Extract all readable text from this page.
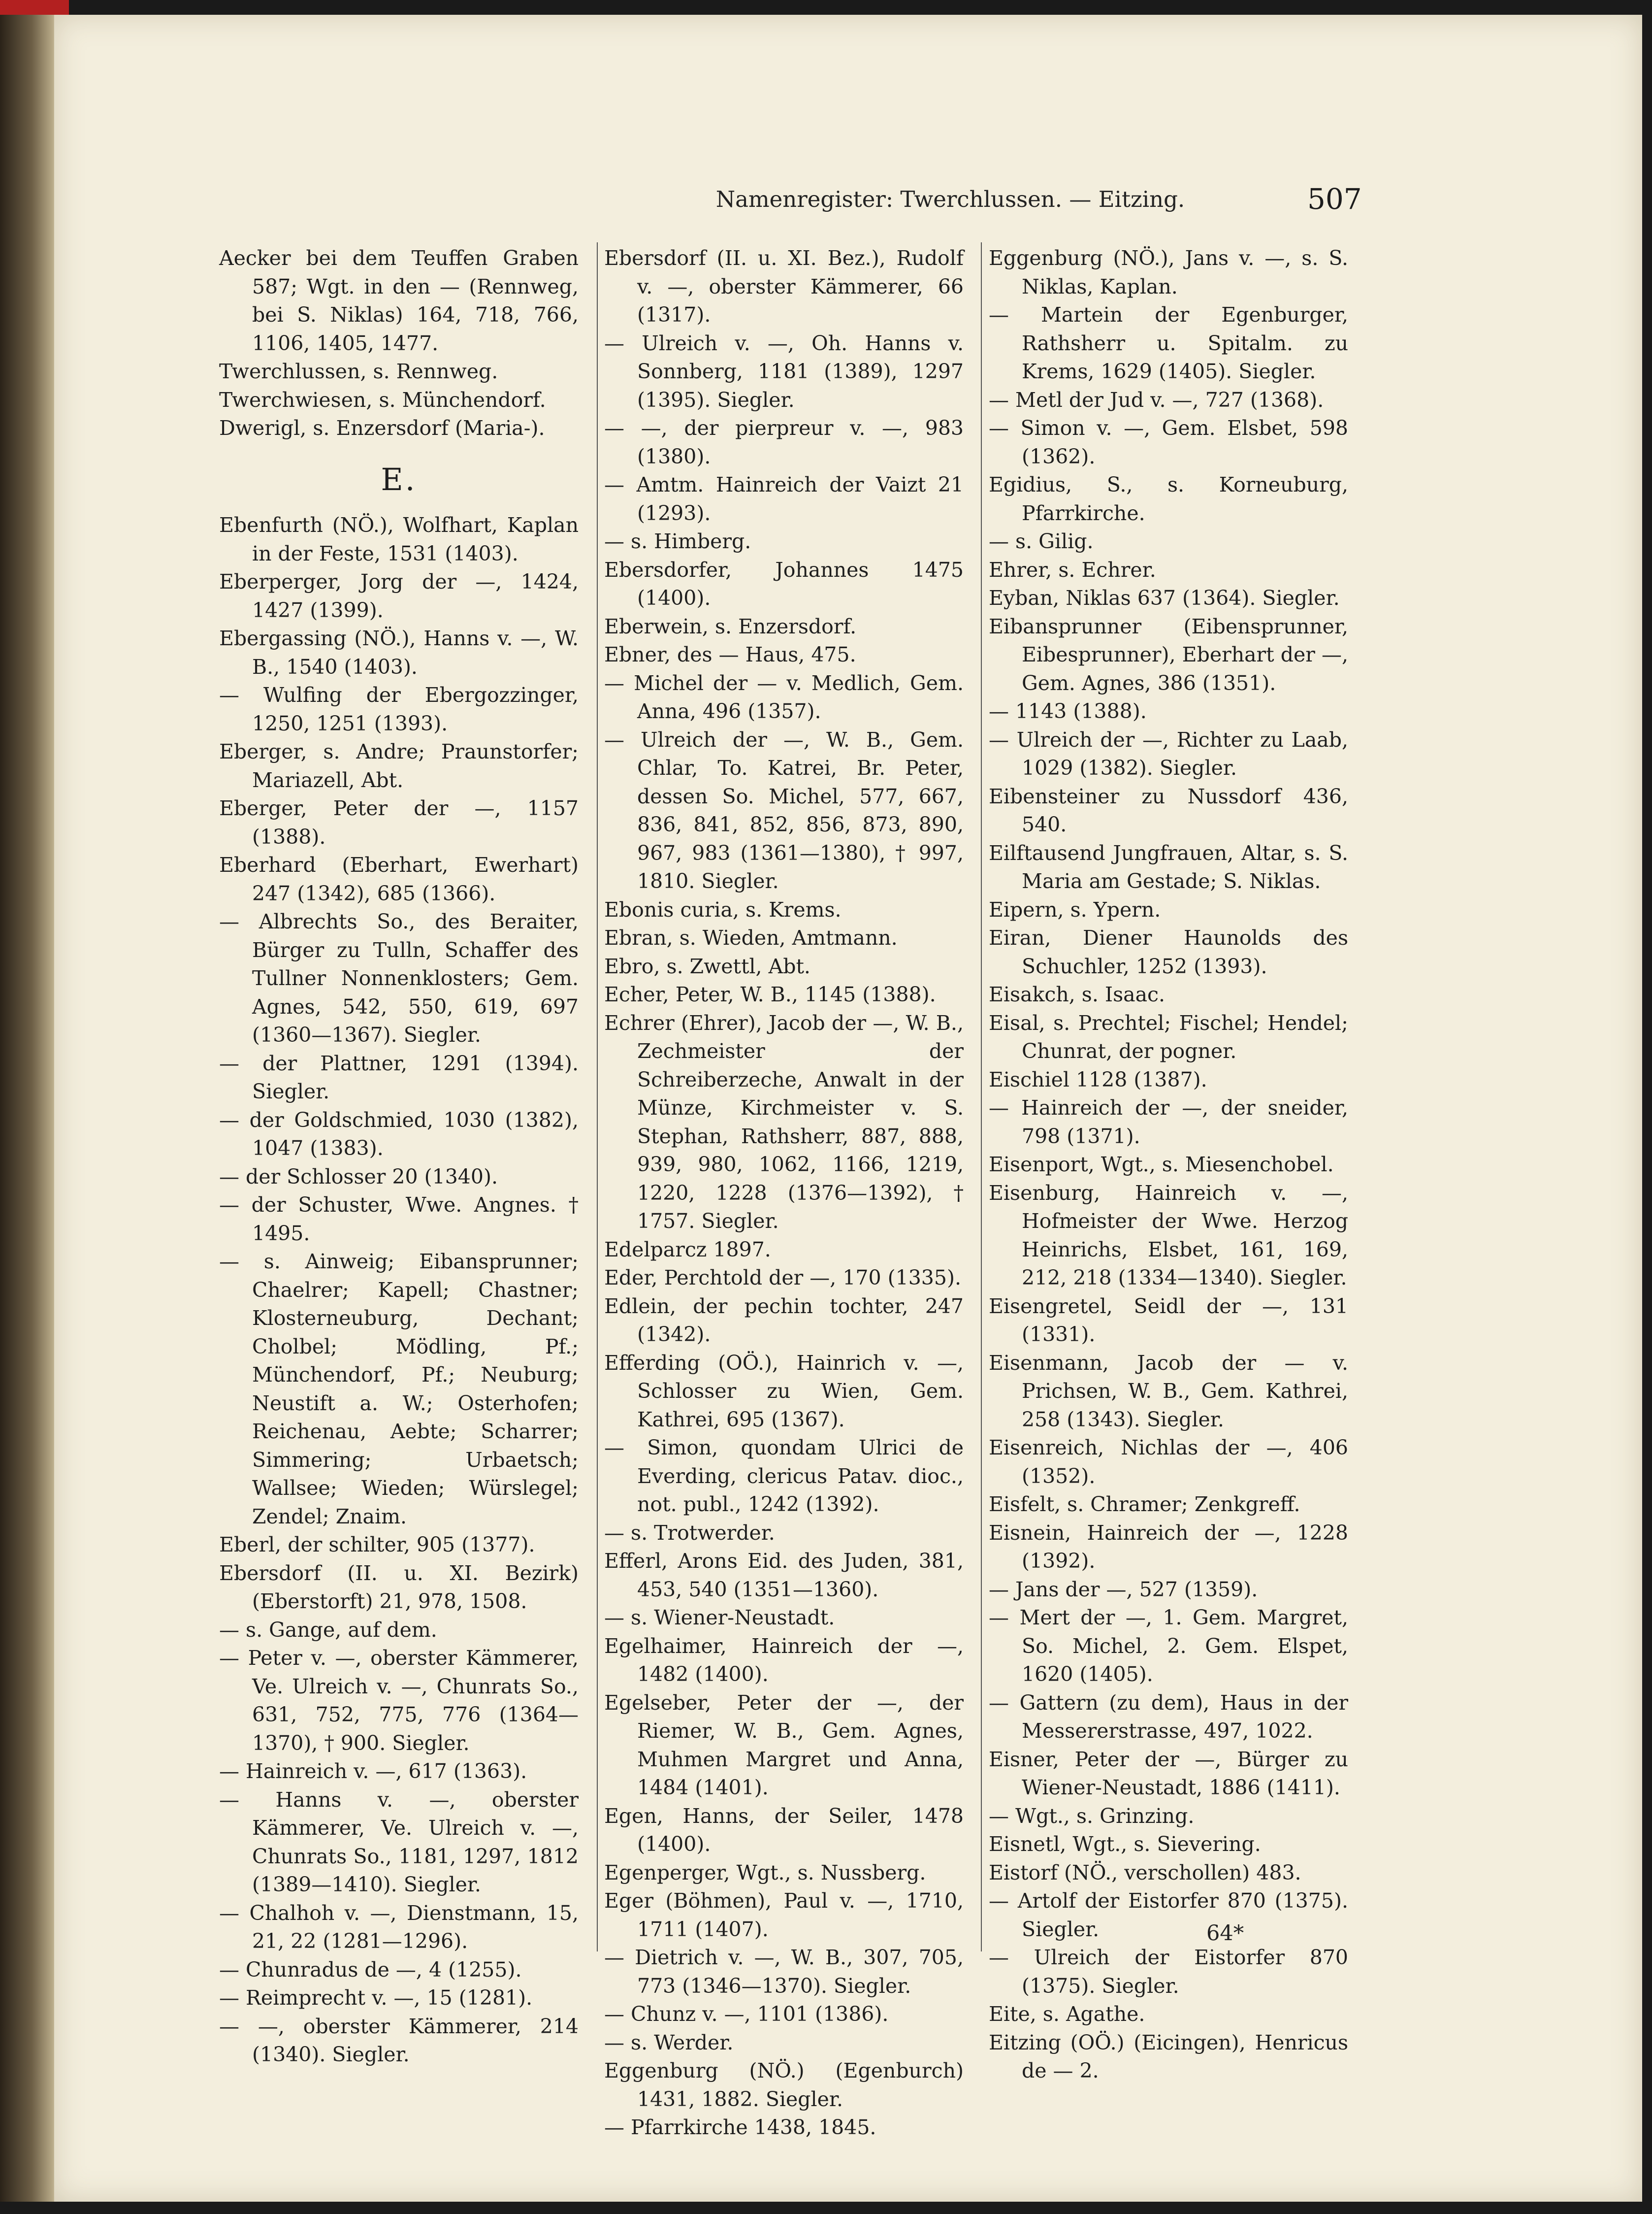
Namenregister: Twerchlussen. — Eitzing.	507

Aecker bei dem Teuffen Graben 587; Wgt. in den — (Rennweg, bei S. Niklas) 164, 718, 766, 1106, 1405, 1477.

Twerchlussen, s. Rennweg.

Twerchwiesen, s. Münchendorf.

Dwerigl, s. Enzersdorf (Maria-).

E.

Ebenfurth (NÖ.), Wolfhart, Kaplan in der Feste, 1531 (1403).

Eberperger, Jorg der —, 1424, 1427 (1399).

Ebergassing (NÖ.), Hanns v. —, W. B., 1540 (1403).

— Wulfing der Ebergozzinger, 1250, 1251 (1393).

Eberger, s. Andre; Praunstorfer; Mariazell, Abt.

Eberger, Peter der —, 1157 (1388).

Eberhard (Eberhart, Ewerhart) 247 (1342), 685 (1366).

— Albrechts So., des Beraiter, Bürger zu Tulln, Schaffer des Tullner Nonnenklosters; Gem. Agnes, 542, 550, 619, 697 (1360—1367). Siegler.

— der Plattner, 1291 (1394). Siegler.

— der Goldschmied, 1030 (1382), 1047 (1383).

— der Schlosser 20 (1340).

— der Schuster, Wwe. Angnes. † 1495.

— s. Ainweig; Eibansprunner; Chaelrer; Kapell; Chastner; Klosterneuburg, Dechant; Cholbel; Mödling, Pf.; Münchendorf, Pf.; Neuburg; Neustift a. W.; Osterhofen; Reichenau, Aebte; Scharrer; Simmering; Urbaetsch; Wallsee; Wieden; Würslegel; Zendel; Znaim.

Eberl, der schilter, 905 (1377).

Ebersdorf (II. u. XI. Bezirk) (Eberstorft) 21, 978, 1508.

— s. Gange, auf dem.

— Peter v. —, oberster Kämmerer, Ve. Ulreich v. —, Chunrats So., 631, 752, 775, 776 (1364—1370), † 900. Siegler.

— Hainreich v. —, 617 (1363).

— Hanns v. —, oberster Kämmerer, Ve. Ulreich v. —, Chunrats So., 1181, 1297, 1812 (1389—1410). Siegler.

— Chalhoh v. —, Dienstmann, 15, 21, 22 (1281—1296).

— Chunradus de —, 4 (1255).

— Reimprecht v. —, 15 (1281).

— —, oberster Kämmerer, 214 (1340). Siegler.

Ebersdorf (II. u. XI. Bez.), Rudolf v. —, oberster Kämmerer, 66 (1317).

— Ulreich v. —, Oh. Hanns v. Sonnberg, 1181 (1389), 1297 (1395). Siegler.

— —, der pierpreur v. —, 983 (1380).

— Amtm. Hainreich der Vaizt 21 (1293).

— s. Himberg.

Ebersdorfer, Johannes 1475 (1400).

Eberwein, s. Enzersdorf.

Ebner, des — Haus, 475.

— Michel der — v. Medlich, Gem. Anna, 496 (1357).

— Ulreich der —, W. B., Gem. Chlar, To. Katrei, Br. Peter, dessen So. Michel, 577, 667, 836, 841, 852, 856, 873, 890, 967, 983 (1361—1380), † 997, 1810. Siegler.

Ebonis curia, s. Krems.

Ebran, s. Wieden, Amtmann.

Ebro, s. Zwettl, Abt.

Echer, Peter, W. B., 1145 (1388).

Echrer (Ehrer), Jacob der —, W. B., Zechmeister der Schreiberzeche, Anwalt in der Münze, Kirchmeister v. S. Stephan, Rathsherr, 887, 888, 939, 980, 1062, 1166, 1219, 1220, 1228 (1376—1392), † 1757. Siegler.

Edelparcz 1897.

Eder, Perchtold der —, 170 (1335).

Edlein, der pechin tochter, 247 (1342).

Efferding (OÖ.), Hainrich v. —, Schlosser zu Wien, Gem. Kathrei, 695 (1367).

— Simon, quondam Ulrici de Everding, clericus Patav. dioc., not. publ., 1242 (1392).

— s. Trotwerder.

Efferl, Arons Eid. des Juden, 381, 453, 540 (1351—1360).

— s. Wiener-Neustadt.

Egelhaimer, Hainreich der —, 1482 (1400).

Egelseber, Peter der —, der Riemer, W. B., Gem. Agnes, Muhmen Margret und Anna, 1484 (1401).

Egen, Hanns, der Seiler, 1478 (1400).

Egenperger, Wgt., s. Nussberg.

Eger (Böhmen), Paul v. —, 1710, 1711 (1407).

— Dietrich v. —, W. B., 307, 705, 773 (1346—1370). Siegler.

— Chunz v. —, 1101 (1386).

— s. Werder.

Eggenburg (NÖ.) (Egenburch) 1431, 1882. Siegler.

— Pfarrkirche 1438, 1845.

Eggenburg (NÖ.), Jans v. —, s. S. Niklas, Kaplan.

— Martein der Egenburger, Rathsherr u. Spitalm. zu Krems, 1629 (1405). Siegler.

— Metl der Jud v. —, 727 (1368).

— Simon v. —, Gem. Elsbet, 598 (1362).

Egidius, S., s. Korneuburg, Pfarrkirche.

— s. Gilig.

Ehrer, s. Echrer.

Eyban, Niklas 637 (1364). Siegler.

Eibansprunner (Eibensprunner, Eibesprunner), Eberhart der —, Gem. Agnes, 386 (1351).

— 1143 (1388).

— Ulreich der —, Richter zu Laab, 1029 (1382). Siegler.

Eibensteiner zu Nussdorf 436, 540.

Eilftausend Jungfrauen, Altar, s. S. Maria am Gestade; S. Niklas.

Eipern, s. Ypern.

Eiran, Diener Haunolds des Schuchler, 1252 (1393).

Eisakch, s. Isaac.

Eisal, s. Prechtel; Fischel; Hendel; Chunrat, der pogner.

Eischiel 1128 (1387).

— Hainreich der —, der sneider, 798 (1371).

Eisenport, Wgt., s. Miesenchobel.

Eisenburg, Hainreich v. —, Hofmeister der Wwe. Herzog Heinrichs, Elsbet, 161, 169, 212, 218 (1334—1340). Siegler.

Eisengretel, Seidl der —, 131 (1331).

Eisenmann, Jacob der — v. Prichsen, W. B., Gem. Kathrei, 258 (1343). Siegler.

Eisenreich, Nichlas der —, 406 (1352).

Eisfelt, s. Chramer; Zenkgreff.

Eisnein, Hainreich der —, 1228 (1392).

— Jans der —, 527 (1359).

— Mert der —, 1. Gem. Margret, So. Michel, 2. Gem. Elspet, 1620 (1405).

— Gattern (zu dem), Haus in der Messererstrasse, 497, 1022.

Eisner, Peter der —, Bürger zu Wiener-Neustadt, 1886 (1411).

— Wgt., s. Grinzing.

Eisnetl, Wgt., s. Sievering.

Eistorf (NÖ., verschollen) 483.

— Artolf der Eistorfer 870 (1375). Siegler.

— Ulreich der Eistorfer 870 (1375). Siegler.

Eite, s. Agathe.

Eitzing (OÖ.) (Eicingen), Henricus de — 2.

64*
